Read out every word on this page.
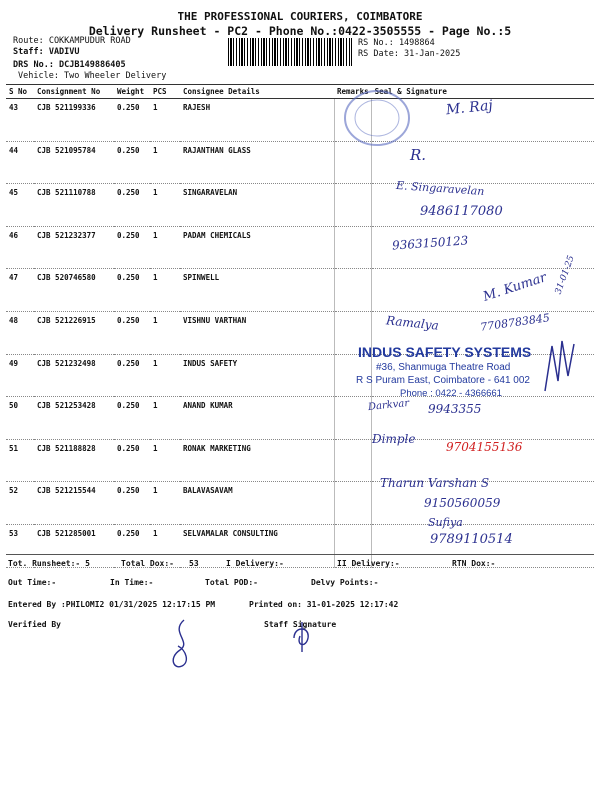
THE PROFESSIONAL COURIERS, COIMBATORE
Delivery Runsheet - PC2 - Phone No.:0422-3505555 - Page No.:5
Route: COKKAMPUDUR ROAD
Staff: VADIVU
DRS No.: DCJB149886405
Vehicle: Two Wheeler Delivery
RS No.: 1498864
RS Date: 31-Jan-2025
S No	Consignment No	Weight	PCS	Consignee Details	Remarks	Seal & Signature
43	CJB 521199336	0.250	1	RAJESH		
44	CJB 521095784	0.250	1	RAJANTHAN GLASS		
45	CJB 521110788	0.250	1	SINGARAVELAN		
46	CJB 521232377	0.250	1	PADAM CHEMICALS		
47	CJB 520746580	0.250	1	SPINWELL		
48	CJB 521226915	0.250	1	VISHNU VARTHAN		
49	CJB 521232498	0.250	1	INDUS SAFETY		
50	CJB 521253428	0.250	1	ANAND KUMAR		
51	CJB 521188828	0.250	1	RONAK MARKETING		
52	CJB 521215544	0.250	1	BALAVASAVAM		
53	CJB 521285001	0.250	1	SELVAMALAR CONSULTING		
M. Raj
R.
E. Singaravelan
9486117080
9363150123
M. Kumar 31-01-25
Ramalya	7708783845
Darkvar 9943355
Dimple
9704155136
Tharun Varshan S
9150560059
Sufiya
9789110514
INDUS SAFETY SYSTEMS
#36, Shanmuga Theatre Road
R S Puram East, Coimbatore - 641 002
Phone : 0422 - 4366661
Tot. Runsheet:- 5	Total Dox:- 53	I Delivery:-	II Delivery:-	RTN Dox:-
Out Time:-	In Time:-	Total POD:-	Delvy Points:-
Entered By :PHILOMI2 01/31/2025 12:17:15 PM	Printed on: 31-01-2025 12:17:42
Verified By	Staff Signature
